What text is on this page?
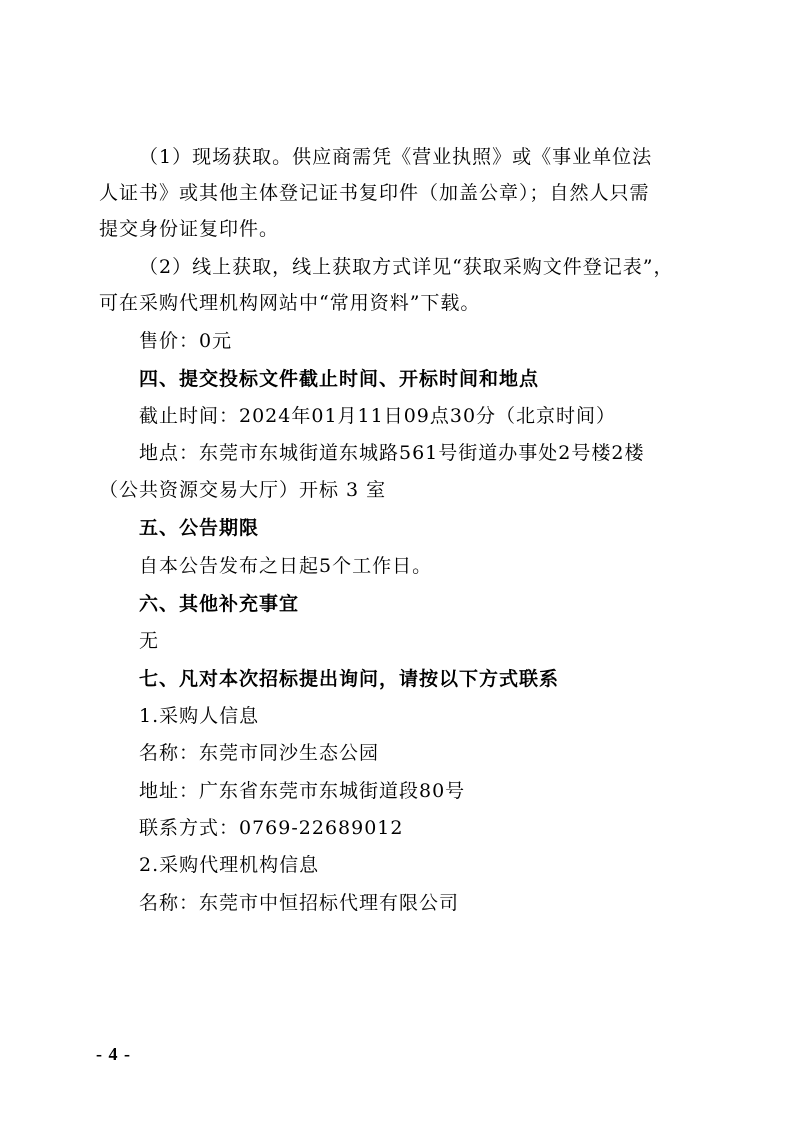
（1）现场获取。供应商需凭《营业执照》或《事业单位法
人证书》或其他主体登记证书复印件（加盖公章）；自然人只需
提交身份证复印件。
（2）线上获取，线上获取方式详见“获取采购文件登记表”，
可在采购代理机构网站中“常用资料”下载。
售价：0元
四、提交投标文件截止时间、开标时间和地点
截止时间：2024年01月11日09点30分（北京时间）
地点：东莞市东城街道东城路561号街道办事处2号楼2楼
（公共资源交易大厅）开标 3 室
五、公告期限
自本公告发布之日起5个工作日。
六、其他补充事宜
无
七、凡对本次招标提出询问，请按以下方式联系
1.采购人信息
名称：东莞市同沙生态公园
地址：广东省东莞市东城街道段80号
联系方式：0769-22689012
2.采购代理机构信息
名称：东莞市中恒招标代理有限公司
- 4 -
